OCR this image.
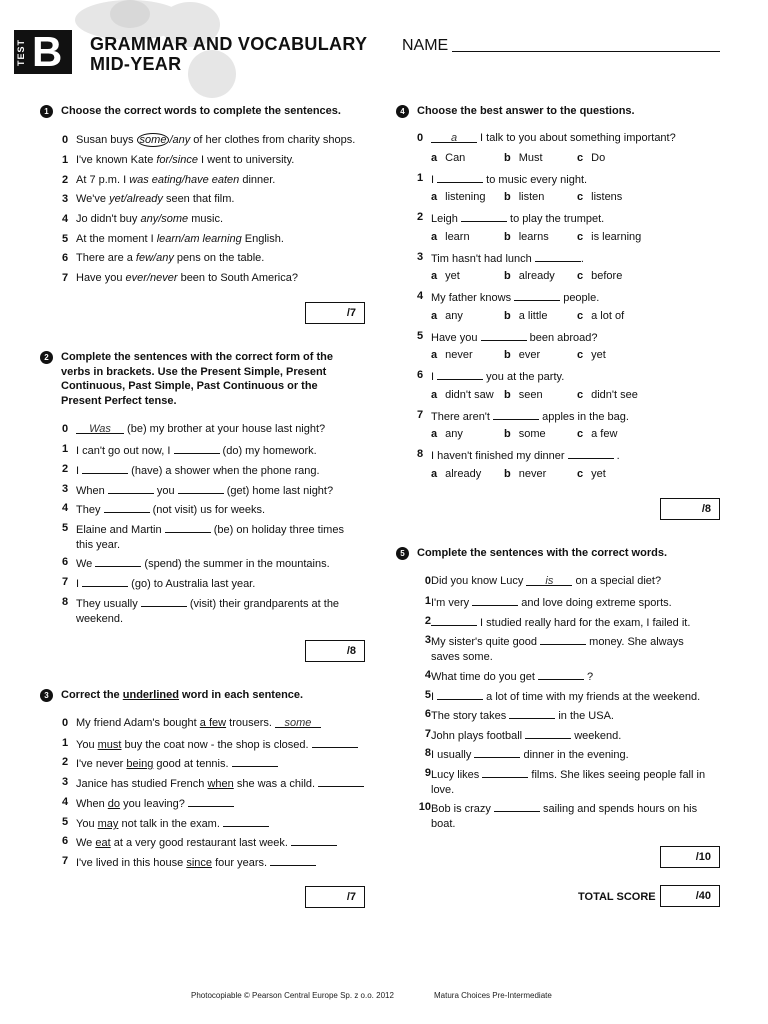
TEST B GRAMMAR AND VOCABULARY
MID-YEAR
NAME
1	Choose the correct words to complete the sentences.
0 Susan buys some /any of her clothes from charity shops.
1 I've known Kate for/since I went to university.
2 At 7 p.m. I was eating/have eaten dinner.
3 We've yet/already seen that film.
4 Jo didn't buy any/some music.
5 At the moment I learn/am learning English.
6 There are a few/any pens on the table.
7 Have you ever/never been to South America?
/7
2	Complete the sentences with the correct form of the verbs in brackets. Use the Present Simple, Present Continuous, Past Simple, Past Continuous or the Present Perfect tense.
0	Was (be) my brother at your house last night?
1 I can't go out now, I	(do) my homework.
2 I	(have) a shower when the phone rang.
3 When	you	(get) home last night?
4 They	(not visit) us for weeks.
5 Elaine and Martin	(be) on holiday three times
this year.
6 We	(spend) the summer in the mountains.
7 I	(go) to Australia last year.
8 They usually	(visit) their grandparents at the
weekend.
/8
3	Correct the underlined word in each sentence.
0 My friend Adam's bought a few trousers. some
1 You must buy the coat now - the shop is closed.
2 I've never being good at tennis.
3 Janice has studied French when she was a child.
4 When do you leaving?
5 You may not talk in the exam.
6 We eat at a very good restaurant last week.
7 I've lived in this house since four years.
/7
4	Choose the best answer to the questions.
0	a I talk to you about something important?
a Can	b Must	c Do
1 I	to music every night.
a listening b listen	c listens
2 Leigh	to play the trumpet.
a learn	b learns	c is learning
3 Tim hasn't had lunch	.
a yet	b already c before
4 My father knows	people.
a any	b a little	c a lot of
5 Have you	been abroad?
a never	b ever	c yet
6 I	you at the party.
a didn't saw b seen	c didn't see
7 There aren't	apples in the bag.
a any	b some	c a few
8 I haven't finished my dinner	.
a already b never	c yet
/8
5	Complete the sentences with the correct words.
0 Did you know Lucy is on a special diet?
1 I'm very	and love doing extreme sports.
2	I studied really hard for the exam, I failed it.
3 My sister's quite good	money. She always
saves some.
4 What time do you get	?
5 I	a lot of time with my friends at the weekend.
6 The story takes	in the USA.
7 John plays football	weekend.
8 I usually	dinner in the evening.
9 Lucy likes	films. She likes seeing people fall in
love.
10 Bob is crazy	sailing and spends hours on his
boat.
/10
TOTAL SCORE	/40
Photocopiable © Pearson Central Europe Sp. z o.o. 2012	Matura Choices Pre-Intermediate
